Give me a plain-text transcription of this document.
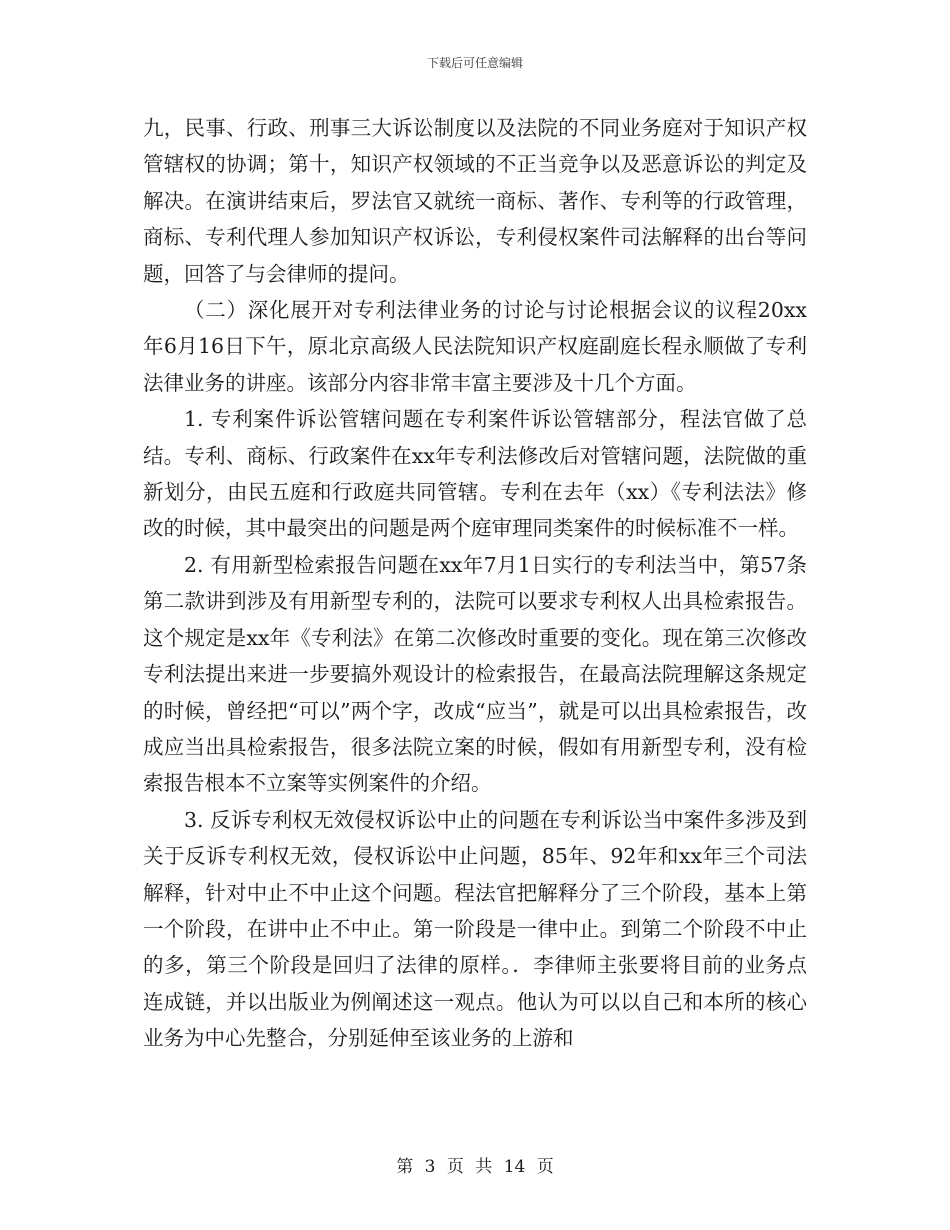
下载后可任意编辑

九，民事、行政、刑事三大诉讼制度以及法院的不同业务庭对于知识产权管辖权的协调；第十，知识产权领域的不正当竞争以及恶意诉讼的判定及解决。在演讲结束后，罗法官又就统一商标、著作、专利等的行政管理，商标、专利代理人参加知识产权诉讼，专利侵权案件司法解释的出台等问题，回答了与会律师的提问。

（二）深化展开对专利法律业务的讨论与讨论根据会议的议程20xx年6月16日下午，原北京高级人民法院知识产权庭副庭长程永顺做了专利法律业务的讲座。该部分内容非常丰富主要涉及十几个方面。

1. 专利案件诉讼管辖问题在专利案件诉讼管辖部分，程法官做了总结。专利、商标、行政案件在xx年专利法修改后对管辖问题，法院做的重新划分，由民五庭和行政庭共同管辖。专利在去年（xx）《专利法法》修改的时候，其中最突出的问题是两个庭审理同类案件的时候标准不一样。

2. 有用新型检索报告问题在xx年7月1日实行的专利法当中，第57条第二款讲到涉及有用新型专利的，法院可以要求专利权人出具检索报告。这个规定是xx年《专利法》在第二次修改时重要的变化。现在第三次修改专利法提出来进一步要搞外观设计的检索报告，在最高法院理解这条规定的时候，曾经把“可以”两个字，改成“应当”，就是可以出具检索报告，改成应当出具检索报告，很多法院立案的时候，假如有用新型专利，没有检索报告根本不立案等实例案件的介绍。

3. 反诉专利权无效侵权诉讼中止的问题在专利诉讼当中案件多涉及到关于反诉专利权无效，侵权诉讼中止问题，85年、92年和xx年三个司法解释，针对中止不中止这个问题。程法官把解释分了三个阶段，基本上第一个阶段，在讲中止不中止。第一阶段是一律中止。到第二个阶段不中止的多，第三个阶段是回归了法律的原样。．李律师主张要将目前的业务点连成链，并以出版业为例阐述这一观点。他认为可以以自己和本所的核心业务为中心先整合，分别延伸至该业务的上游和

第 3 页 共 14 页
